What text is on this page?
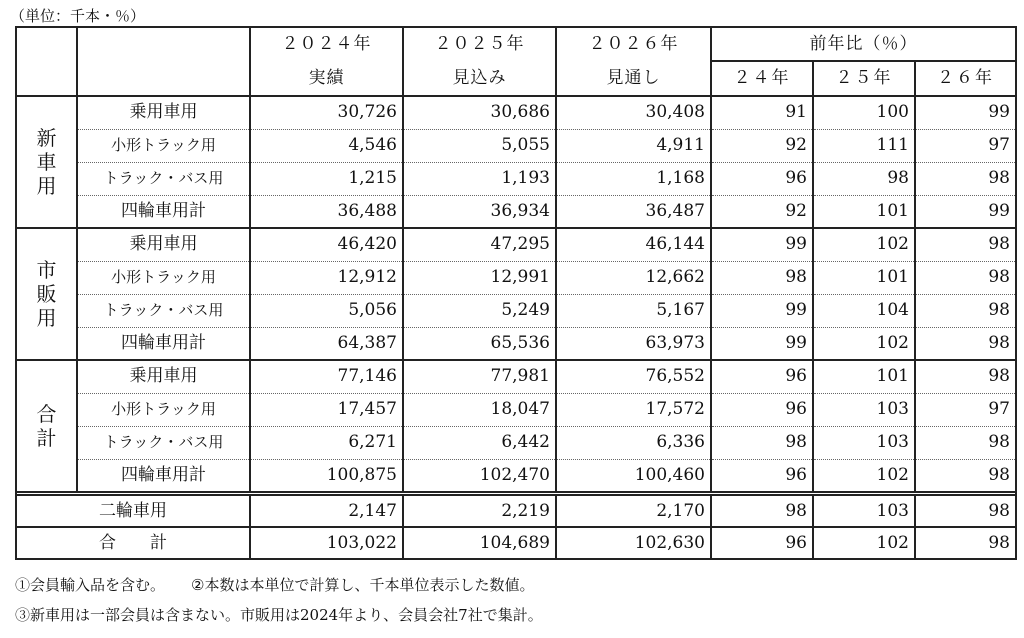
（単位：千本・％）
		２０２４年	２０２５年	２０２６年	前年比（％）		
		実績	見込み	見通し	２４年	２５年	２６年

新
車
用	乗用車用	30,726	30,686	30,408	91	100	99
	小形トラック用	4,546	5,055	4,911	92	111	97
	トラック・バス用	1,215	1,193	1,168	96	98	98
	四輪車用計	36,488	36,934	36,487	92	101	99

市
販
用	乗用車用	46,420	47,295	46,144	99	102	98
	小形トラック用	12,912	12,991	12,662	98	101	98
	トラック・バス用	5,056	5,249	5,167	99	104	98
	四輪車用計	64,387	65,536	63,973	99	102	98

合
計	乗用車用	77,146	77,981	76,552	96	101	98
	小形トラック用	17,457	18,047	17,572	96	103	97
	トラック・バス用	6,271	6,442	6,336	98	103	98
	四輪車用計	100,875	102,470	100,460	96	102	98

二輪車用		2,147	2,219	2,170	98	103	98
合　　計		103,022	104,689	102,630	96	102	98
①会員輸入品を含む。 ②本数は本単位で計算し、千本単位表示した数値。
③新車用は一部会員は含まない。市販用は2024年より、会員会社7社で集計。
